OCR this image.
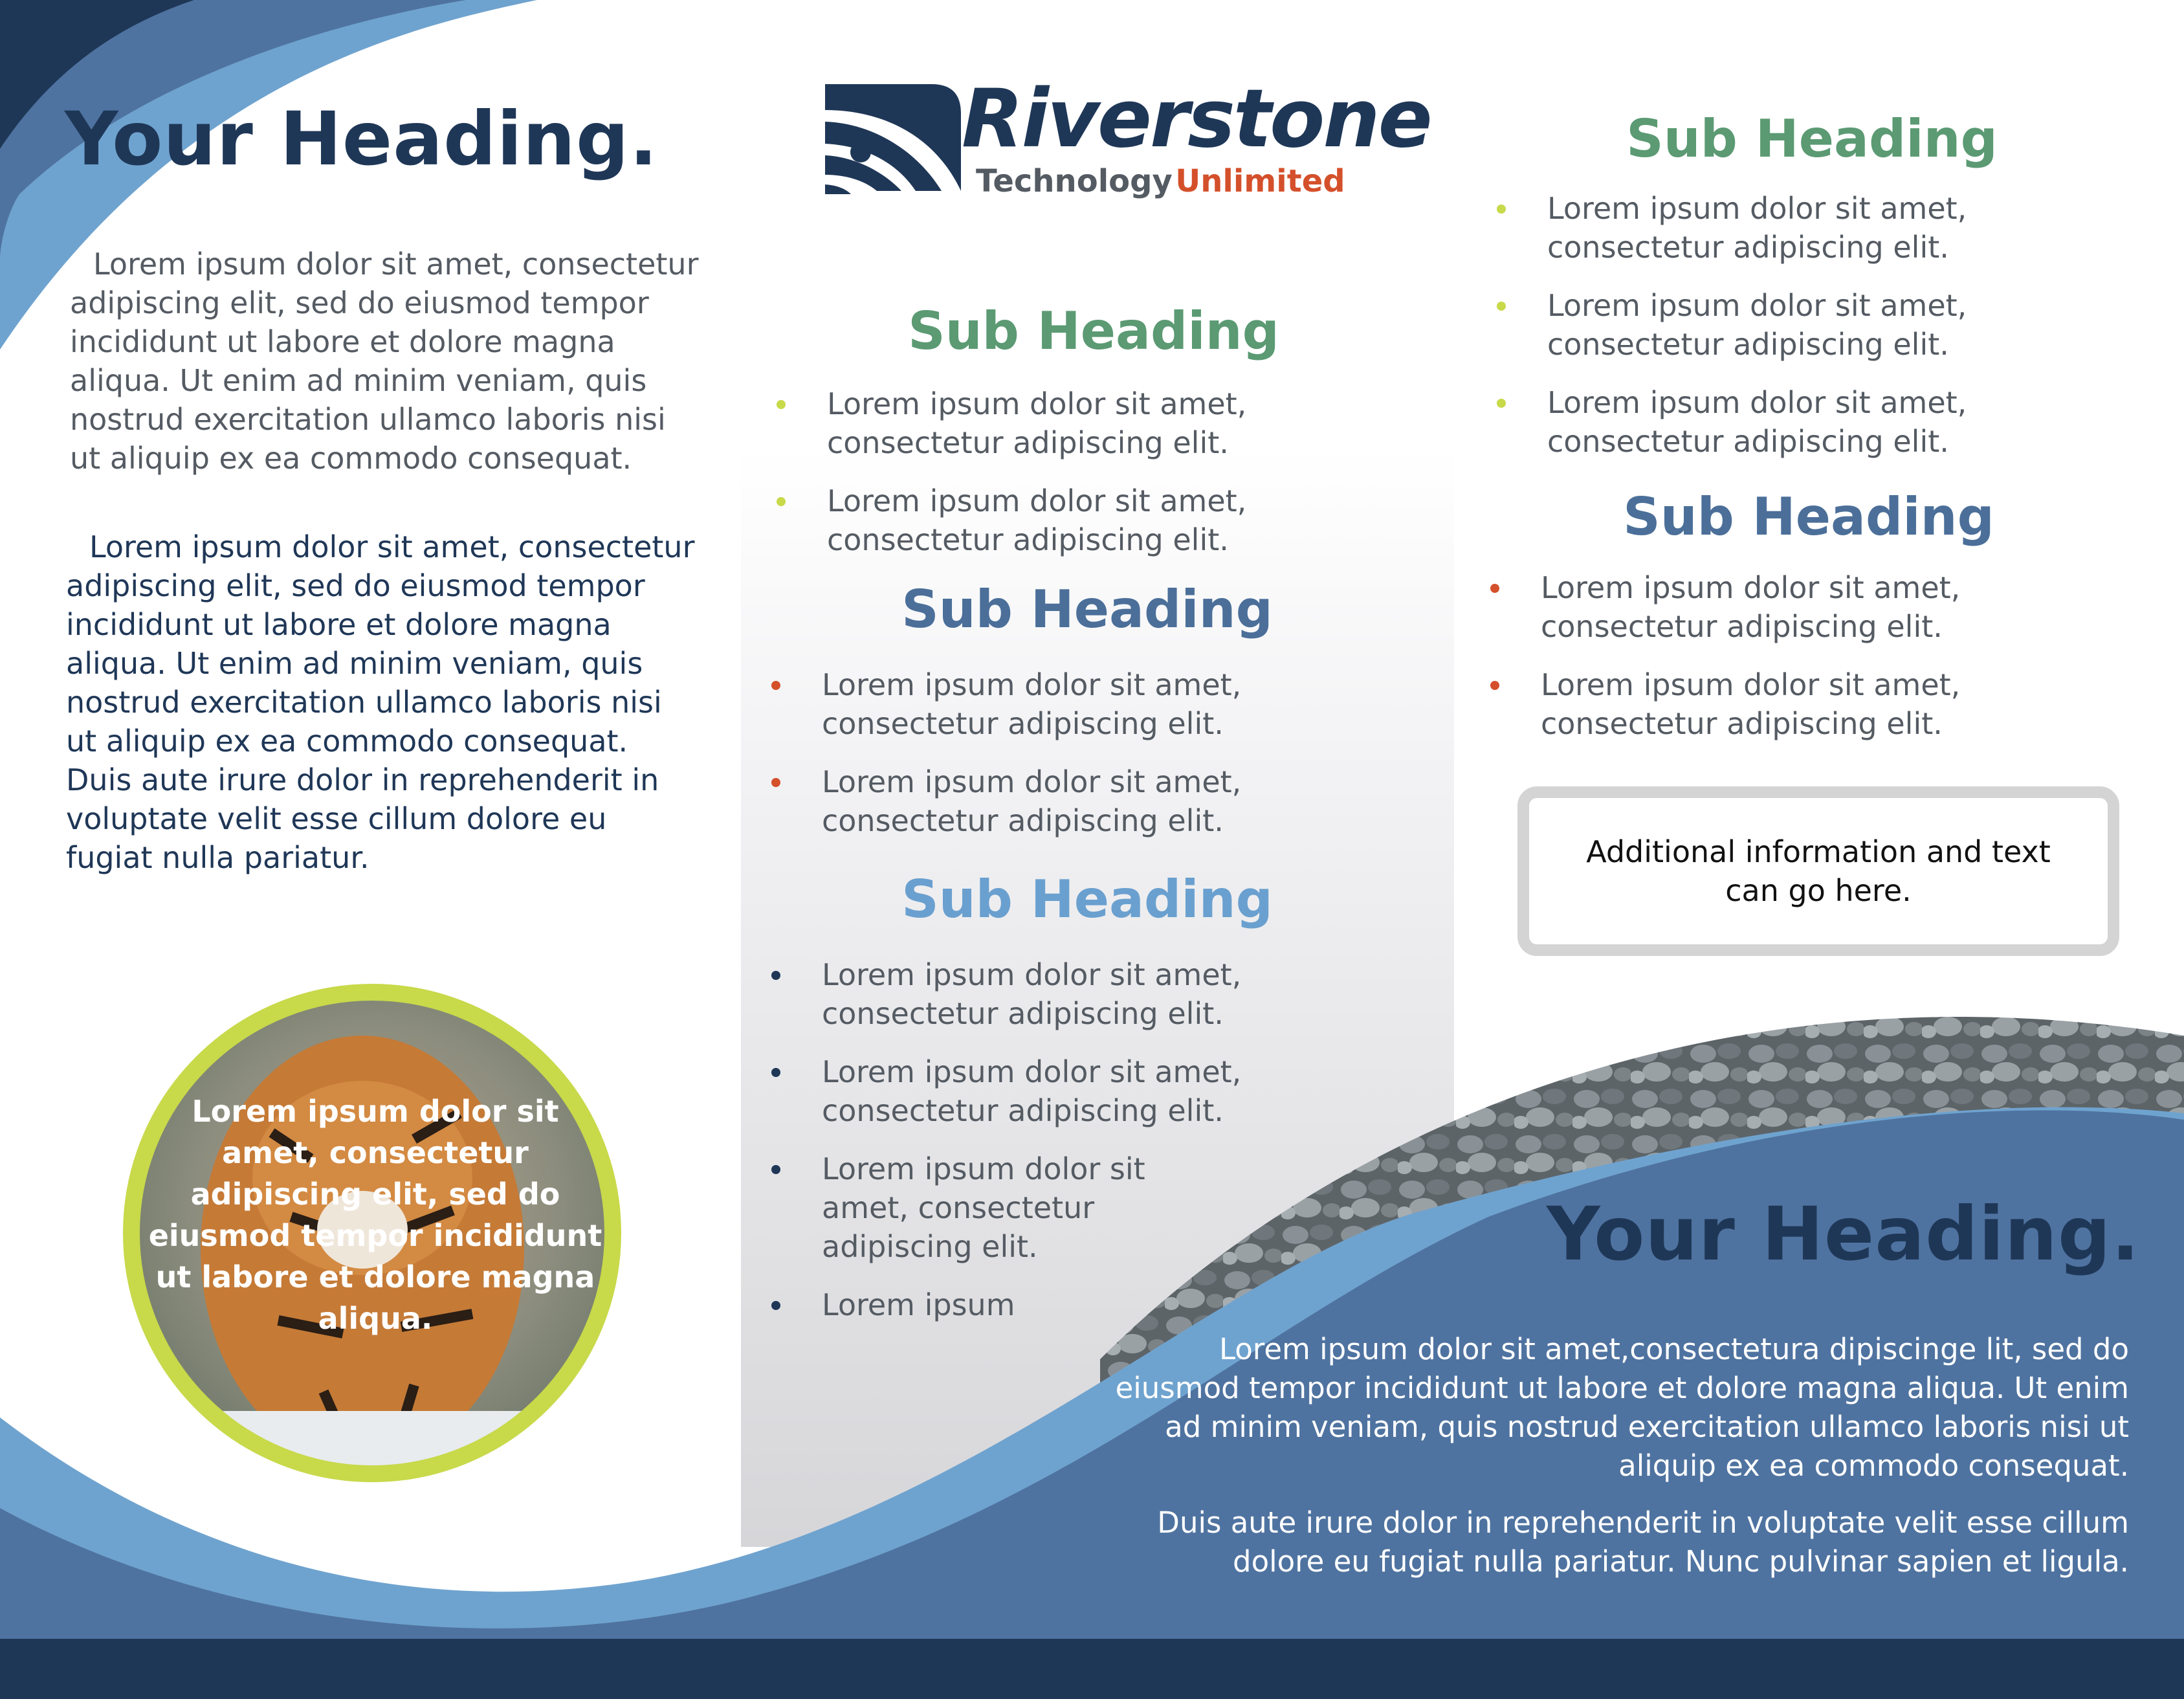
Riverstone
Technology Unlimited
Your Heading.
Lorem ipsum dolor sit amet, consectetur adipiscing elit, sed do eiusmod tempor incididunt ut labore et dolore magna aliqua. Ut enim ad minim veniam, quis nostrud exercitation ullamco laboris nisi ut aliquip ex ea commodo consequat.
Lorem ipsum dolor sit amet, consectetur adipiscing elit, sed do eiusmod tempor incididunt ut labore et dolore magna aliqua. Ut enim ad minim veniam, quis nostrud exercitation ullamco laboris nisi ut aliquip ex ea commodo consequat. Duis aute irure dolor in reprehenderit in voluptate velit esse cillum dolore eu fugiat nulla pariatur.
Lorem ipsum dolor sit amet, consectetur adipiscing elit, sed do eiusmod tempor incididunt ut labore et dolore magna aliqua.
Sub Heading
Lorem ipsum dolor sit amet, consectetur adipiscing elit.
Lorem ipsum dolor sit amet, consectetur adipiscing elit.
Sub Heading
Lorem ipsum dolor sit amet, consectetur adipiscing elit.
Lorem ipsum dolor sit amet, consectetur adipiscing elit.
Sub Heading
Lorem ipsum dolor sit amet, consectetur adipiscing elit.
Lorem ipsum dolor sit amet, consectetur adipiscing elit.
Lorem ipsum dolor sit amet, consectetur adipiscing elit.
Lorem ipsum
Sub Heading
Lorem ipsum dolor sit amet, consectetur adipiscing elit.
Lorem ipsum dolor sit amet, consectetur adipiscing elit.
Lorem ipsum dolor sit amet, consectetur adipiscing elit.
Sub Heading
Lorem ipsum dolor sit amet, consectetur adipiscing elit.
Lorem ipsum dolor sit amet, consectetur adipiscing elit.
Additional information and text can go here.
Your Heading.
Lorem ipsum dolor sit amet,consectetura dipiscinge lit, sed do eiusmod tempor incididunt ut labore et dolore magna aliqua. Ut enim ad minim veniam, quis nostrud exercitation ullamco laboris nisi ut aliquip ex ea commodo consequat.
Duis aute irure dolor in reprehenderit in voluptate velit esse cillum dolore eu fugiat nulla pariatur. Nunc pulvinar sapien et ligula.
